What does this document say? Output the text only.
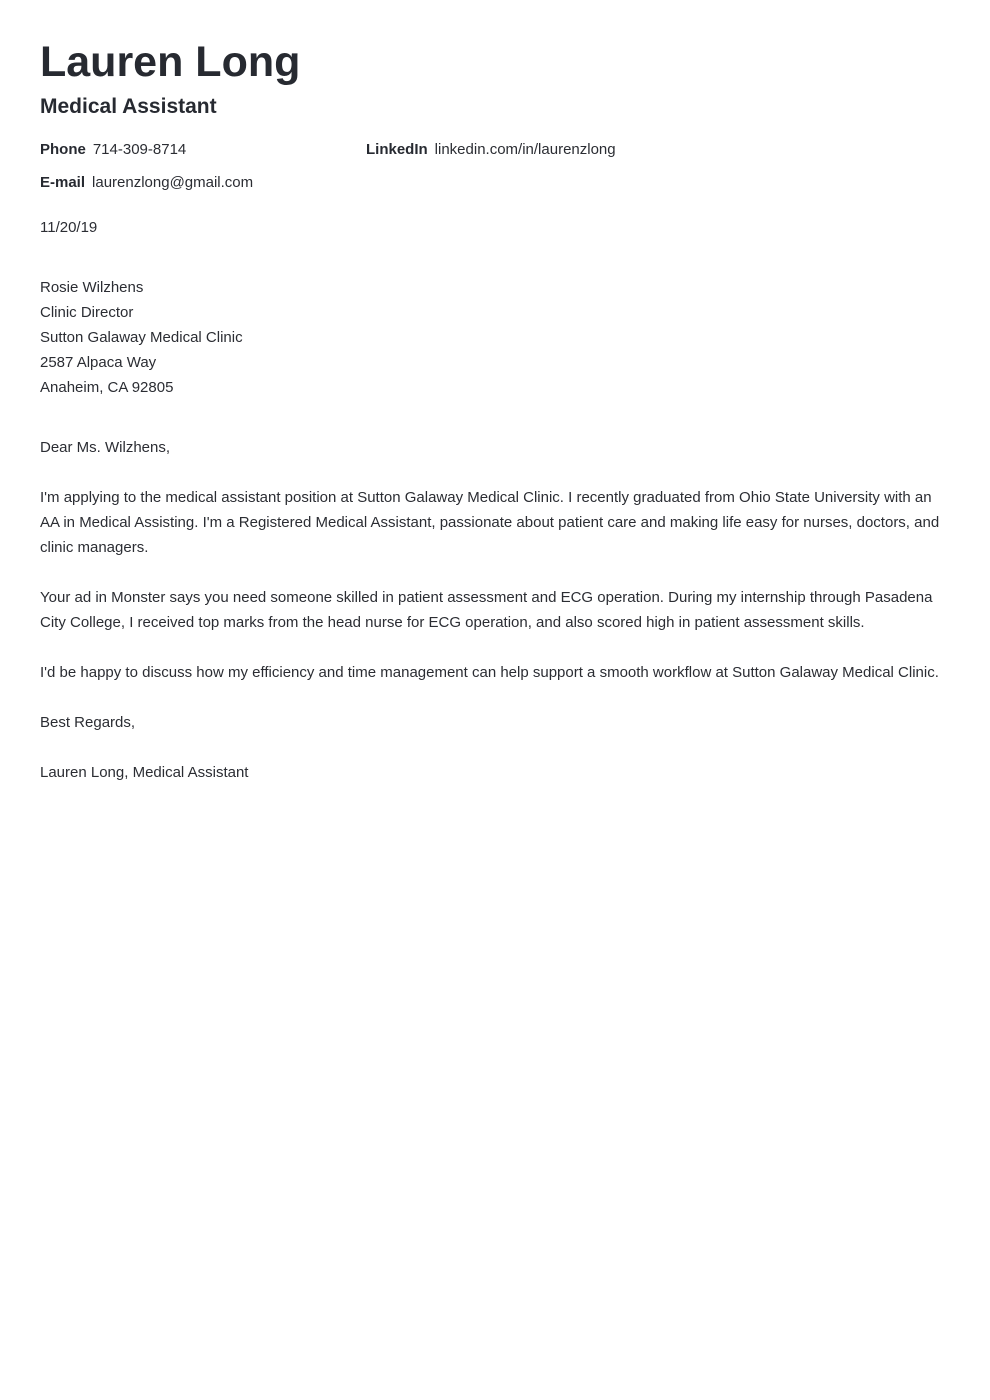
Lauren Long
Medical Assistant
Phone 714-309-8714	LinkedIn linkedin.com/in/laurenzlong
E-mail laurenzlong@gmail.com

11/20/19

Rosie Wilzhens

Clinic Director

Sutton Galaway Medical Clinic

2587 Alpaca Way

Anaheim, CA 92805

Dear Ms. Wilzhens,

I'm applying to the medical assistant position at Sutton Galaway Medical Clinic. I recently graduated from Ohio State University with an AA in Medical Assisting. I'm a Registered Medical Assistant, passionate about patient care and making life easy for nurses, doctors, and clinic managers.

Your ad in Monster says you need someone skilled in patient assessment and ECG operation. During my internship through Pasadena City College, I received top marks from the head nurse for ECG operation, and also scored high in patient assessment skills.

I'd be happy to discuss how my efficiency and time management can help support a smooth workflow at Sutton Galaway Medical Clinic.

Best Regards,

Lauren Long, Medical Assistant
